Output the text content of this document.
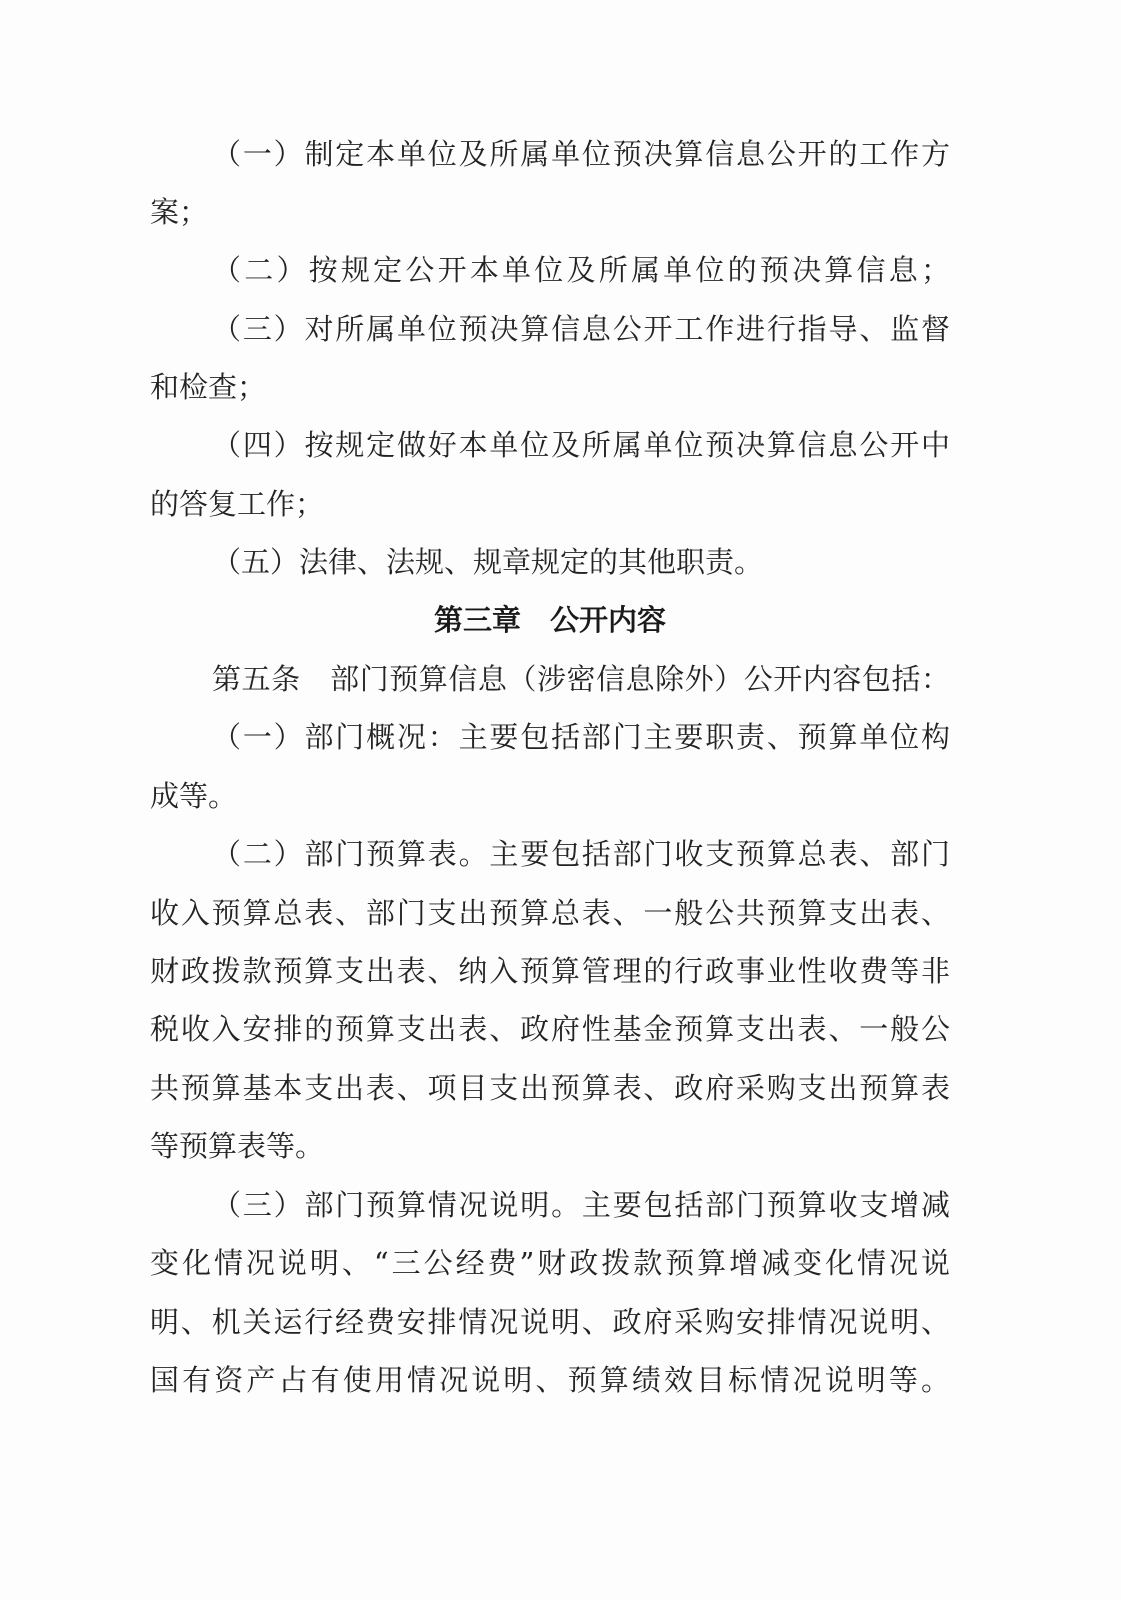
（一）制定本单位及所属单位预决算信息公开的工作方
案；
（二）按规定公开本单位及所属单位的预决算信息；
（三）对所属单位预决算信息公开工作进行指导、监督
和检查；
（四）按规定做好本单位及所属单位预决算信息公开中
的答复工作；
（五）法律、法规、规章规定的其他职责。
第三章　公开内容
第五条　部门预算信息（涉密信息除外）公开内容包括：
（一）部门概况：主要包括部门主要职责、预算单位构
成等。
（二）部门预算表。主要包括部门收支预算总表、部门
收入预算总表、部门支出预算总表、一般公共预算支出表、
财政拨款预算支出表、纳入预算管理的行政事业性收费等非
税收入安排的预算支出表、政府性基金预算支出表、一般公
共预算基本支出表、项目支出预算表、政府采购支出预算表
等预算表等。
（三）部门预算情况说明。主要包括部门预算收支增减
变化情况说明、“三公经费”财政拨款预算增减变化情况说
明、机关运行经费安排情况说明、政府采购安排情况说明、
国有资产占有使用情况说明、预算绩效目标情况说明等。
